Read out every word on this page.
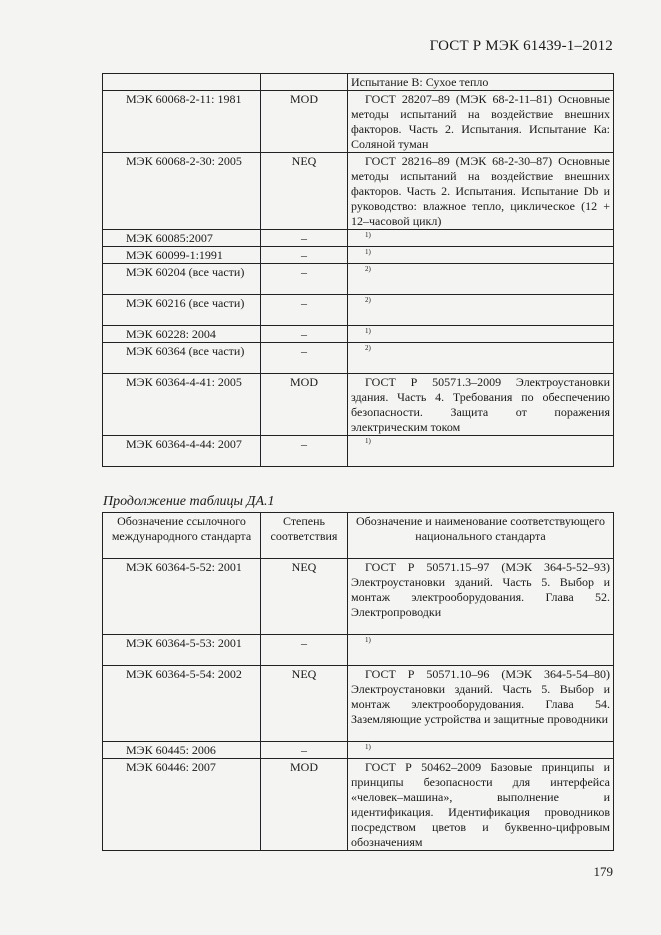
ГОСТ Р МЭК 61439-1–2012

		Испытание В: Сухое тепло

МЭК 60068-2-11: 1981	MOD	ГОСТ 28207–89 (МЭК 68-2-11–81) Основные методы испытаний на воздействие внешних факторов. Часть 2. Испытания. Испытание Ка: Соляной туман

МЭК 60068-2-30: 2005	NEQ	ГОСТ 28216–89 (МЭК 68-2-30–87) Основные методы испытаний на воздействие внешних факторов. Часть 2. Испытания. Испытание Db и руководство: влажное тепло, циклическое (12 + 12–часовой цикл)

МЭК 60085:2007	–	$^{1)}$

МЭК 60099-1:1991	–	$^{1)}$

МЭК 60204 (все части)	–	$^{2)}$

МЭК 60216 (все части)	–	$^{2)}$

МЭК 60228: 2004	–	$^{1)}$

МЭК 60364 (все части)	–	$^{2)}$

МЭК 60364-4-41: 2005	MOD	ГОСТ Р 50571.3–2009 Электроустановки здания. Часть 4. Требования по обеспечению безопасности. Защита от поражения электрическим током

МЭК 60364-4-44: 2007	–	$^{1)}$
Продолжение таблицы ДА.1
Обозначение ссылочного международного стандарта	Степень соответствия	Обозначение и наименование соответствующего национального стандарта

МЭК 60364-5-52: 2001	NEQ	ГОСТ Р 50571.15–97 (МЭК 364-5-52–93) Электроустановки зданий. Часть 5. Выбор и монтаж электрооборудования. Глава 52. Электропроводки

МЭК 60364-5-53: 2001	–	$^{1)}$

МЭК 60364-5-54: 2002	NEQ	ГОСТ Р 50571.10–96 (МЭК 364-5-54–80) Электроустановки зданий. Часть 5. Выбор и монтаж электрооборудования. Глава 54. Заземляющие устройства и защитные проводники

МЭК 60445: 2006	–	$^{1)}$

МЭК 60446: 2007	MOD	ГОСТ Р 50462–2009 Базовые принципы и принципы безопасности для интерфейса «человек–машина», выполнение и идентификация. Идентификация проводников посредством цветов и буквенно-цифровым обозначениям
179
